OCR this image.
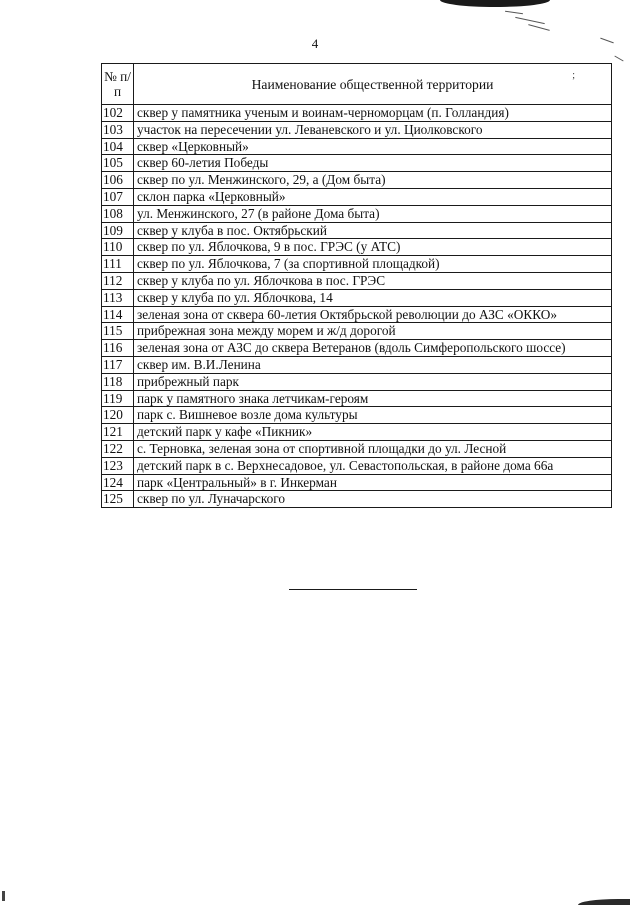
4
№ п/п	Наименование общественной территории
;

102	сквер у памятника ученым и воинам-черноморцам (п. Голландия)
103	участок на пересечении ул. Леваневского и ул. Циолковского
104	сквер «Церковный»
105	сквер 60-летия Победы
106	сквер по ул. Менжинского, 29, а (Дом быта)
107	склон парка «Церковный»
108	ул. Менжинского, 27 (в районе Дома быта)
109	сквер у клуба в пос. Октябрьский
110	сквер по ул. Яблочкова, 9 в пос. ГРЭС (у АТС)
111	сквер по ул. Яблочкова, 7 (за спортивной площадкой)
112	сквер у клуба по ул. Яблочкова в пос. ГРЭС
113	сквер у клуба по ул. Яблочкова, 14
114	зеленая зона от сквера 60-летия Октябрьской революции до АЗС «ОККО»
115	прибрежная зона между морем и ж/д дорогой
116	зеленая зона от АЗС до сквера Ветеранов (вдоль Симферопольского шоссе)
117	сквер им. В.И.Ленина
118	прибрежный парк
119	парк у памятного знака летчикам-героям
120	парк с. Вишневое возле дома культуры
121	детский парк у кафе «Пикник»
122	с. Терновка, зеленая зона от спортивной площадки до ул. Лесной
123	детский парк в с. Верхнесадовое, ул. Севастопольская, в районе дома 66а
124	парк «Центральный» в г. Инкерман
125	сквер по ул. Луначарского
